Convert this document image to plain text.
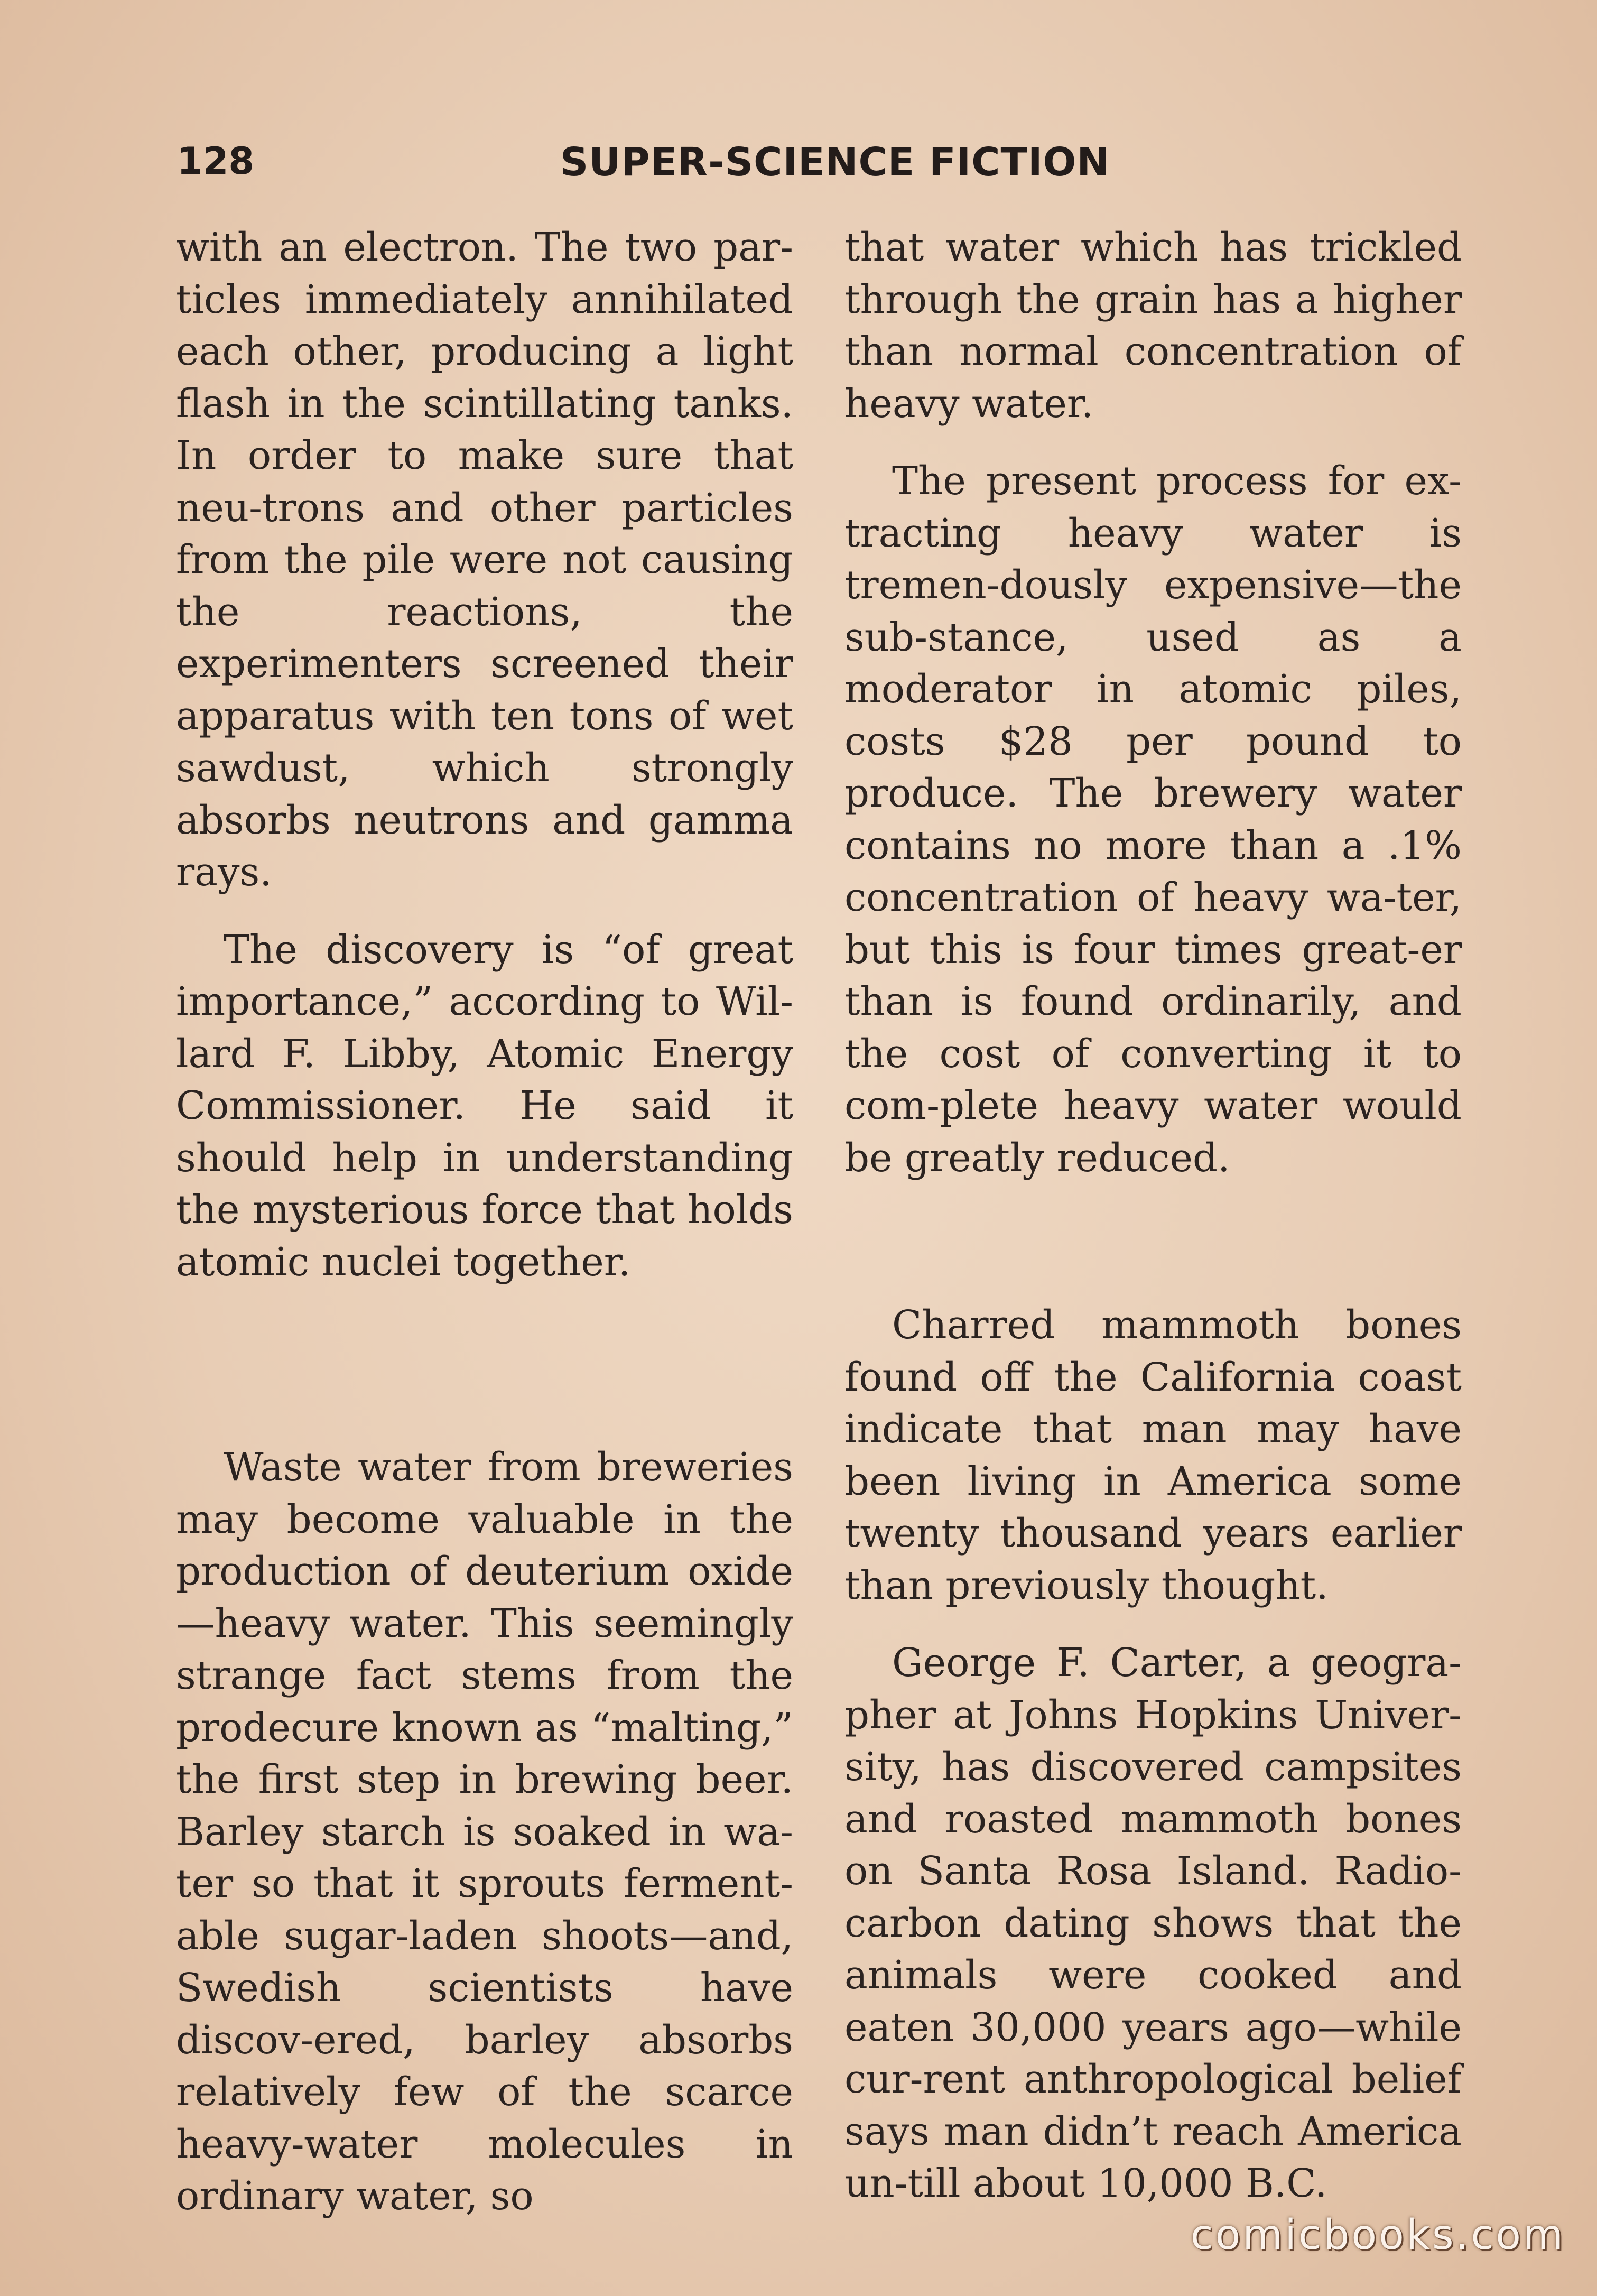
128	SUPER-SCIENCE FICTION

with an electron. The two par-ticles immediately annihilated each other, producing a light flash in the scintillating tanks. In order to make sure that neu-trons and other particles from the pile were not causing the reactions, the experimenters screened their apparatus with ten tons of wet sawdust, which strongly absorbs neutrons and gamma rays.

The discovery is “of great importance,” according to Wil-lard F. Libby, Atomic Energy Commissioner. He said it should help in understanding the mysterious force that holds atomic nuclei together.

Waste water from breweries may become valuable in the production of deuterium oxide —heavy water. This seemingly strange fact stems from the prodecure known as “malting,” the first step in brewing beer. Barley starch is soaked in wa-ter so that it sprouts ferment-able sugar-laden shoots—and, Swedish scientists have discov-ered, barley absorbs relatively few of the scarce heavy-water molecules in ordinary water, so

that water which has trickled through the grain has a higher than normal concentration of heavy water.

The present process for ex-tracting heavy water is tremen-dously expensive—the sub-stance, used as a moderator in atomic piles, costs $28 per pound to produce. The brewery water contains no more than a .1% concentration of heavy wa-ter, but this is four times great-er than is found ordinarily, and the cost of converting it to com-plete heavy water would be greatly reduced.

Charred mammoth bones found off the California coast indicate that man may have been living in America some twenty thousand years earlier than previously thought.

George F. Carter, a geogra-pher at Johns Hopkins Univer-sity, has discovered campsites and roasted mammoth bones on Santa Rosa Island. Radio-carbon dating shows that the animals were cooked and eaten 30,000 years ago—while cur-rent anthropological belief says man didn’t reach America un-till about 10,000 B.C.

comicbooks.com
